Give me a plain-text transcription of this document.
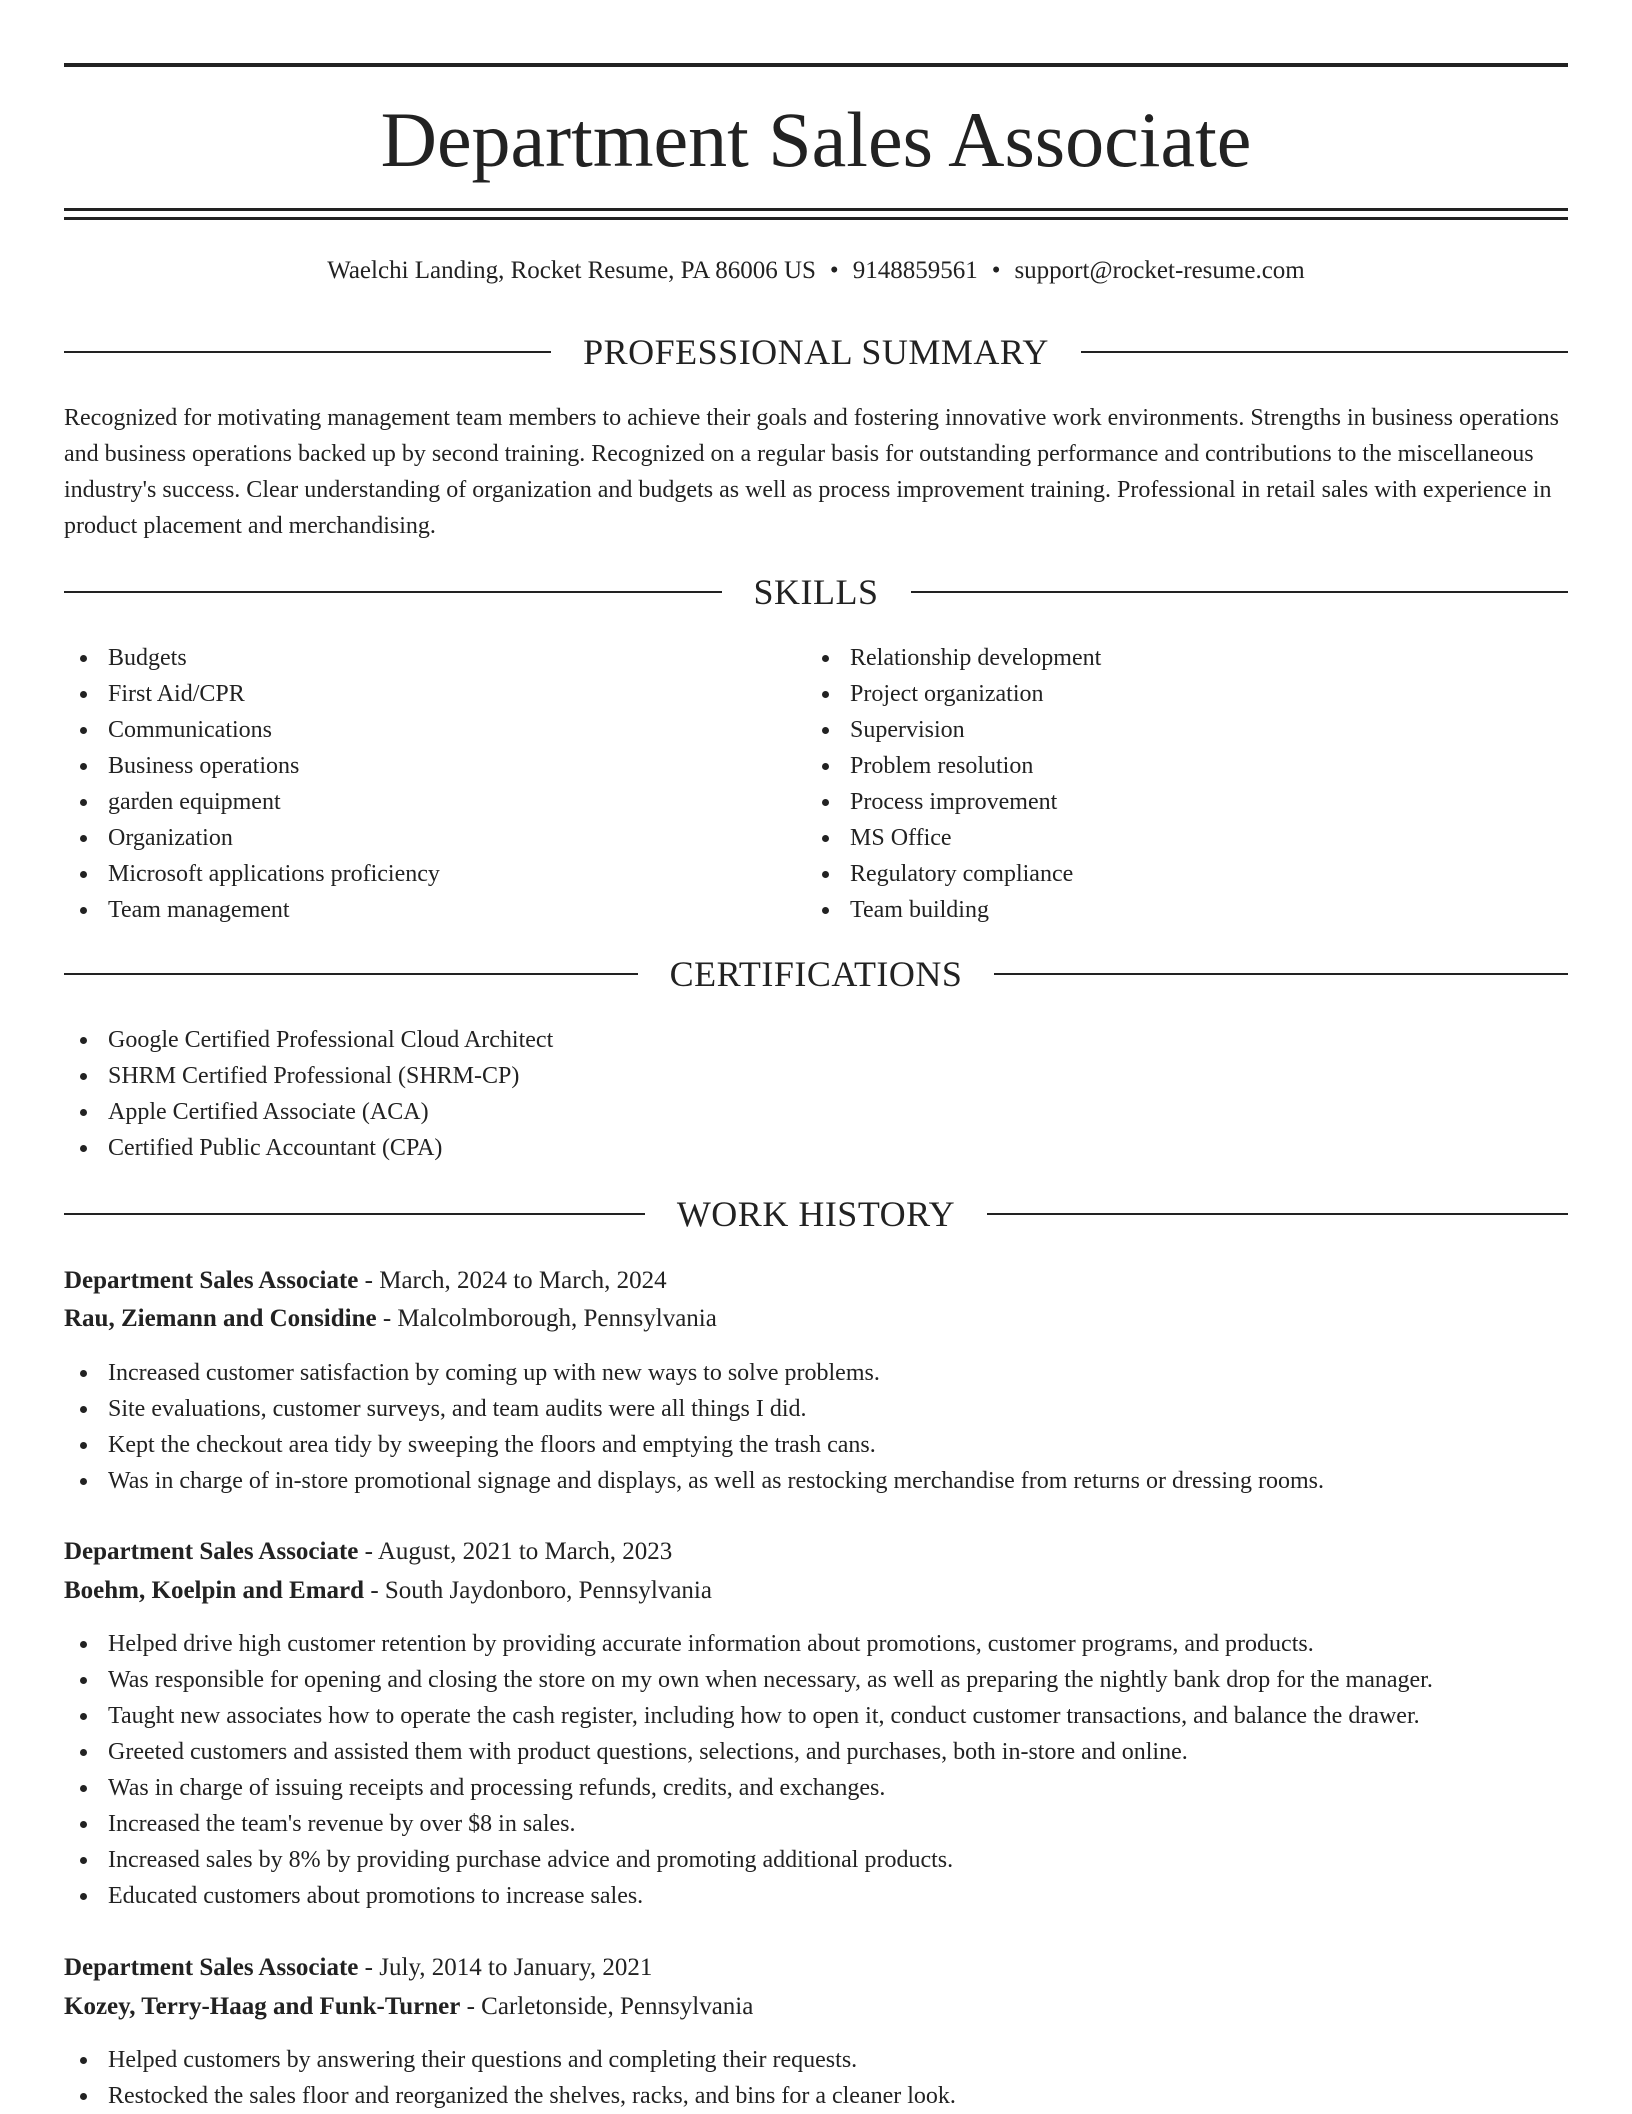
Department Sales Associate
Waelchi Landing, Rocket Resume, PA 86006 US • 9148859561 • support@rocket-resume.com
PROFESSIONAL SUMMARY

Recognized for motivating management team members to achieve their goals and fostering innovative work environments. Strengths in business operations and business operations backed up by second training. Recognized on a regular basis for outstanding performance and contributions to the miscellaneous industry's success. Clear understanding of organization and budgets as well as process improvement training. Professional in retail sales with experience in product placement and merchandising.

SKILLS
Budgets
First Aid/CPR
Communications
Business operations
garden equipment
Organization
Microsoft applications proficiency
Team management
Relationship development
Project organization
Supervision
Problem resolution
Process improvement
MS Office
Regulatory compliance
Team building
CERTIFICATIONS
Google Certified Professional Cloud Architect
SHRM Certified Professional (SHRM-CP)
Apple Certified Associate (ACA)
Certified Public Accountant (CPA)
WORK HISTORY
Department Sales Associate - March, 2024 to March, 2024
Rau, Ziemann and Considine - Malcolmborough, Pennsylvania
Increased customer satisfaction by coming up with new ways to solve problems.
Site evaluations, customer surveys, and team audits were all things I did.
Kept the checkout area tidy by sweeping the floors and emptying the trash cans.
Was in charge of in-store promotional signage and displays, as well as restocking merchandise from returns or dressing rooms.
Department Sales Associate - August, 2021 to March, 2023
Boehm, Koelpin and Emard - South Jaydonboro, Pennsylvania
Helped drive high customer retention by providing accurate information about promotions, customer programs, and products.
Was responsible for opening and closing the store on my own when necessary, as well as preparing the nightly bank drop for the manager.
Taught new associates how to operate the cash register, including how to open it, conduct customer transactions, and balance the drawer.
Greeted customers and assisted them with product questions, selections, and purchases, both in-store and online.
Was in charge of issuing receipts and processing refunds, credits, and exchanges.
Increased the team's revenue by over $8 in sales.
Increased sales by 8% by providing purchase advice and promoting additional products.
Educated customers about promotions to increase sales.
Department Sales Associate - July, 2014 to January, 2021
Kozey, Terry-Haag and Funk-Turner - Carletonside, Pennsylvania
Helped customers by answering their questions and completing their requests.
Restocked the sales floor and reorganized the shelves, racks, and bins for a cleaner look.
